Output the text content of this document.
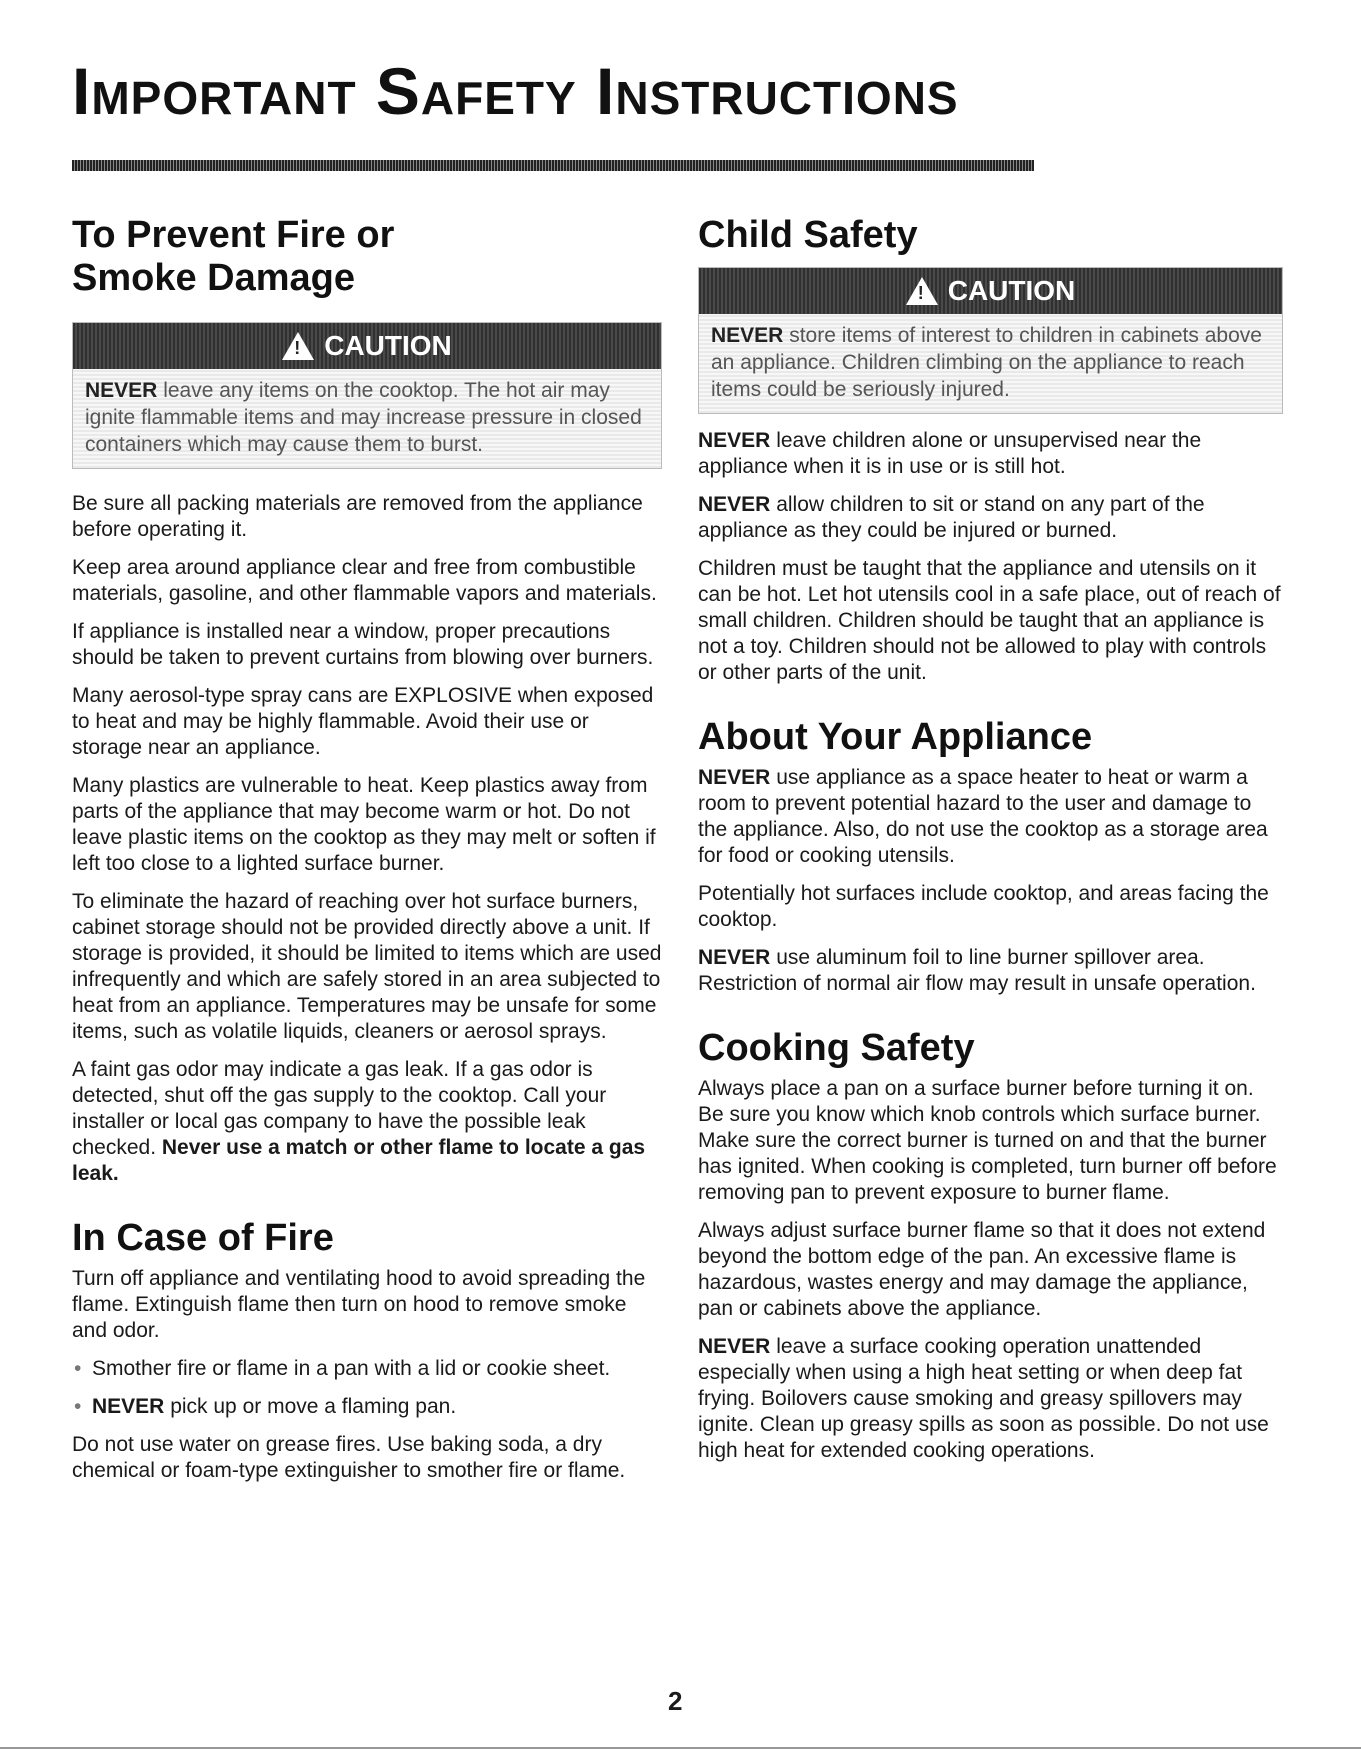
Important Safety Instructions
To Prevent Fire or
Smoke Damage
!
CAUTION
NEVER leave any items on the cooktop. The hot air may ignite flammable items and may increase pressure in closed containers which may cause them to burst.

Be sure all packing materials are removed from the appliance before operating it.

Keep area around appliance clear and free from combustible materials, gasoline, and other flammable vapors and materials.

If appliance is installed near a window, proper precautions should be taken to prevent curtains from blowing over burners.

Many aerosol-type spray cans are EXPLOSIVE when exposed to heat and may be highly flammable. Avoid their use or storage near an appliance.

Many plastics are vulnerable to heat. Keep plastics away from parts of the appliance that may become warm or hot. Do not leave plastic items on the cooktop as they may melt or soften if left too close to a lighted surface burner.

To eliminate the hazard of reaching over hot surface burners, cabinet storage should not be provided directly above a unit. If storage is provided, it should be limited to items which are used infrequently and which are safely stored in an area subjected to heat from an appliance. Temperatures may be unsafe for some items, such as volatile liquids, cleaners or aerosol sprays.

A faint gas odor may indicate a gas leak. If a gas odor is detected, shut off the gas supply to the cooktop. Call your installer or local gas company to have the possible leak checked. Never use a match or other flame to locate a gas leak.

In Case of Fire

Turn off appliance and ventilating hood to avoid spreading the flame. Extinguish flame then turn on hood to remove smoke and odor.

• Smother fire or flame in a pan with a lid or cookie sheet.
• NEVER pick up or move a flaming pan.

Do not use water on grease fires. Use baking soda, a dry chemical or foam-type extinguisher to smother fire or flame.

Child Safety
!
CAUTION
NEVER store items of interest to children in cabinets above an appliance. Children climbing on the appliance to reach items could be seriously injured.

NEVER leave children alone or unsupervised near the appliance when it is in use or is still hot.

NEVER allow children to sit or stand on any part of the appliance as they could be injured or burned.

Children must be taught that the appliance and utensils on it can be hot. Let hot utensils cool in a safe place, out of reach of small children. Children should be taught that an appliance is not a toy. Children should not be allowed to play with controls or other parts of the unit.

About Your Appliance

NEVER use appliance as a space heater to heat or warm a room to prevent potential hazard to the user and damage to the appliance. Also, do not use the cooktop as a storage area for food or cooking utensils.

Potentially hot surfaces include cooktop, and areas facing the cooktop.

NEVER use aluminum foil to line burner spillover area. Restriction of normal air flow may result in unsafe operation.

Cooking Safety

Always place a pan on a surface burner before turning it on. Be sure you know which knob controls which surface burner. Make sure the correct burner is turned on and that the burner has ignited. When cooking is completed, turn burner off before removing pan to prevent exposure to burner flame.

Always adjust surface burner flame so that it does not extend beyond the bottom edge of the pan. An excessive flame is hazardous, wastes energy and may damage the appliance, pan or cabinets above the appliance.

NEVER leave a surface cooking operation unattended especially when using a high heat setting or when deep fat frying. Boilovers cause smoking and greasy spillovers may ignite. Clean up greasy spills as soon as possible. Do not use high heat for extended cooking operations.

2
